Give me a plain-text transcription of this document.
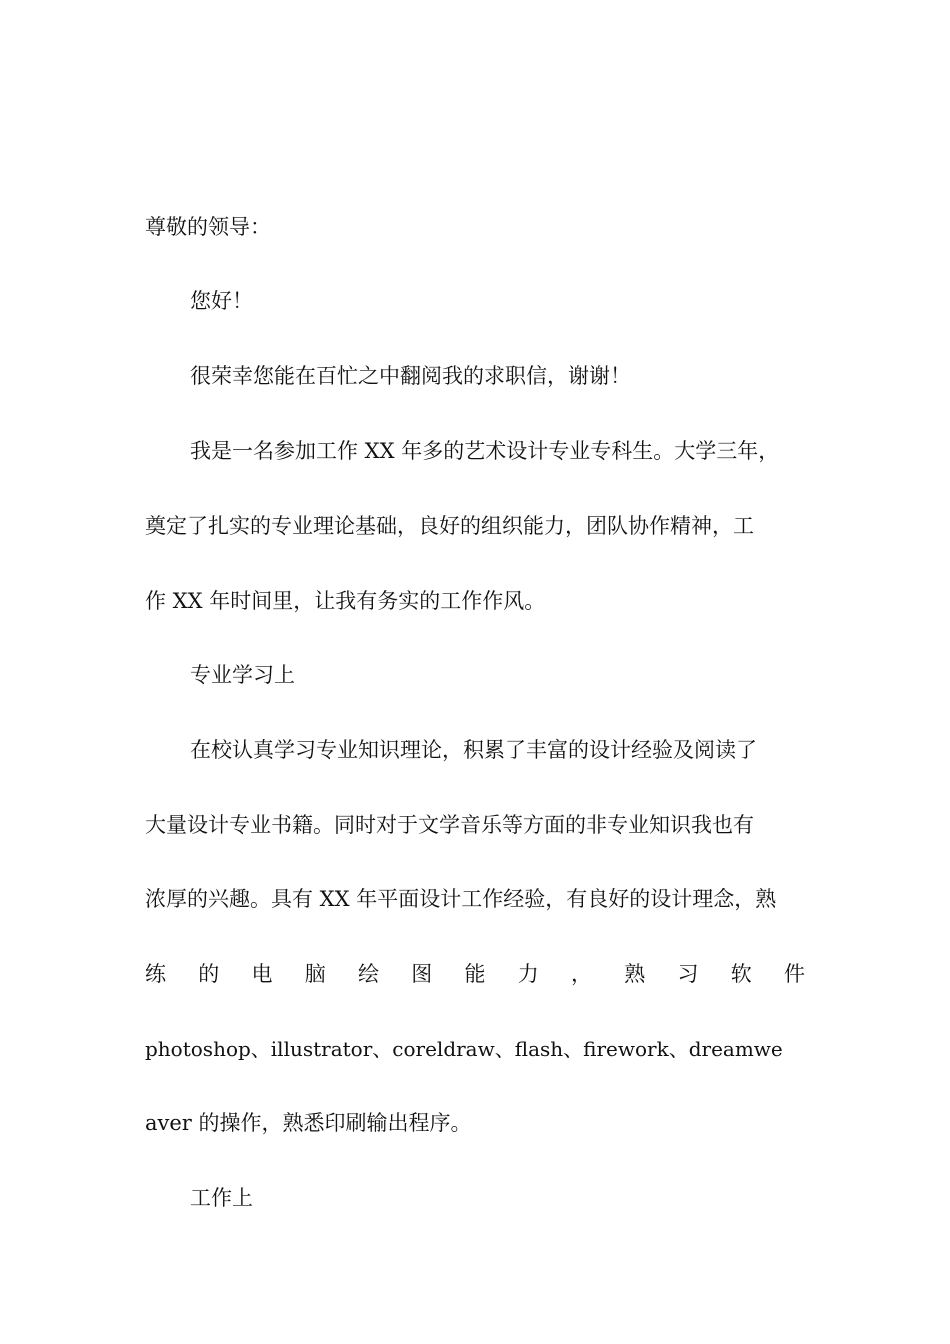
尊敬的领导：
您好！
很荣幸您能在百忙之中翻阅我的求职信，谢谢！
我是一名参加工作 XX 年多的艺术设计专业专科生。大学三年，
奠定了扎实的专业理论基础，良好的组织能力，团队协作精神，工
作 XX 年时间里，让我有务实的工作作风。
专业学习上
在校认真学习专业知识理论，积累了丰富的设计经验及阅读了
大量设计专业书籍。同时对于文学音乐等方面的非专业知识我也有
浓厚的兴趣。具有 XX 年平面设计工作经验，有良好的设计理念，熟
练 的 电 脑 绘 图 能 力 ， 熟 习 软 件
photoshop、illustrator、coreldraw、flash、firework、dreamwe
aver 的操作，熟悉印刷输出程序。
工作上
